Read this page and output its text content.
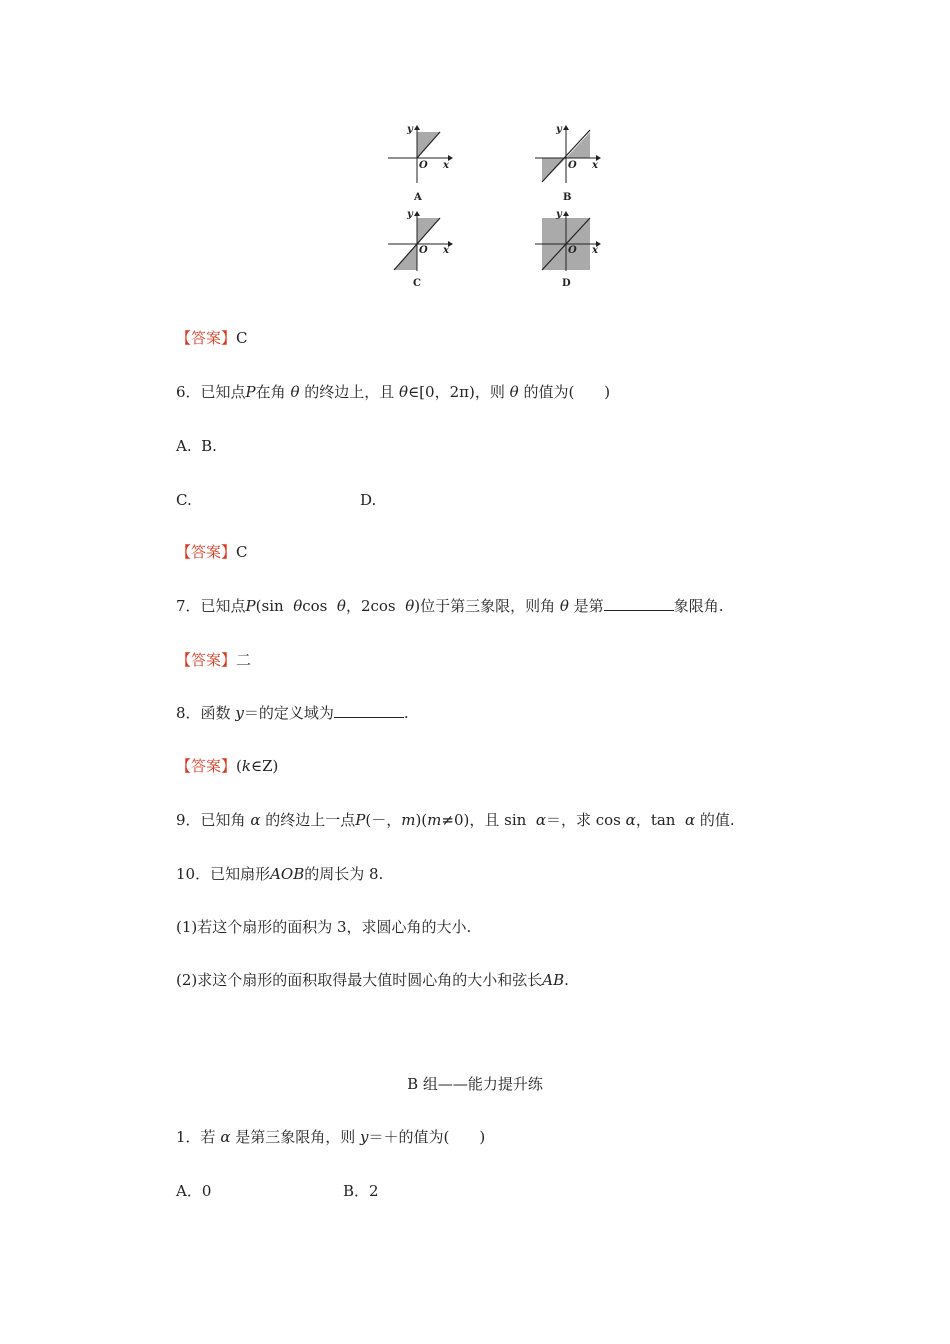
y
x
O
A
y
x
O
B
y
x
O
C
y
x
O
D
【答案】C
6．已知点P在角 θ 的终边上，且 θ∈[0，2π)，则 θ 的值为(　　)
A. B.
C.	D.
【答案】C
7．已知点P(sin θcos θ，2cos θ)位于第三象限，则角 θ 是第	象限角.
【答案】二
8．函数 y＝的定义域为	.
【答案】(k∈Z)
9．已知角 α 的终边上一点P(－，m)(m≠0)，且 sin α＝，求 cos α，tan α 的值.
10．已知扇形AOB的周长为 8.
(1)若这个扇形的面积为 3，求圆心角的大小.
(2)求这个扇形的面积取得最大值时圆心角的大小和弦长AB.
B 组——能力提升练
1．若 α 是第三象限角，则 y＝＋的值为(　　)
A．0	B．2
